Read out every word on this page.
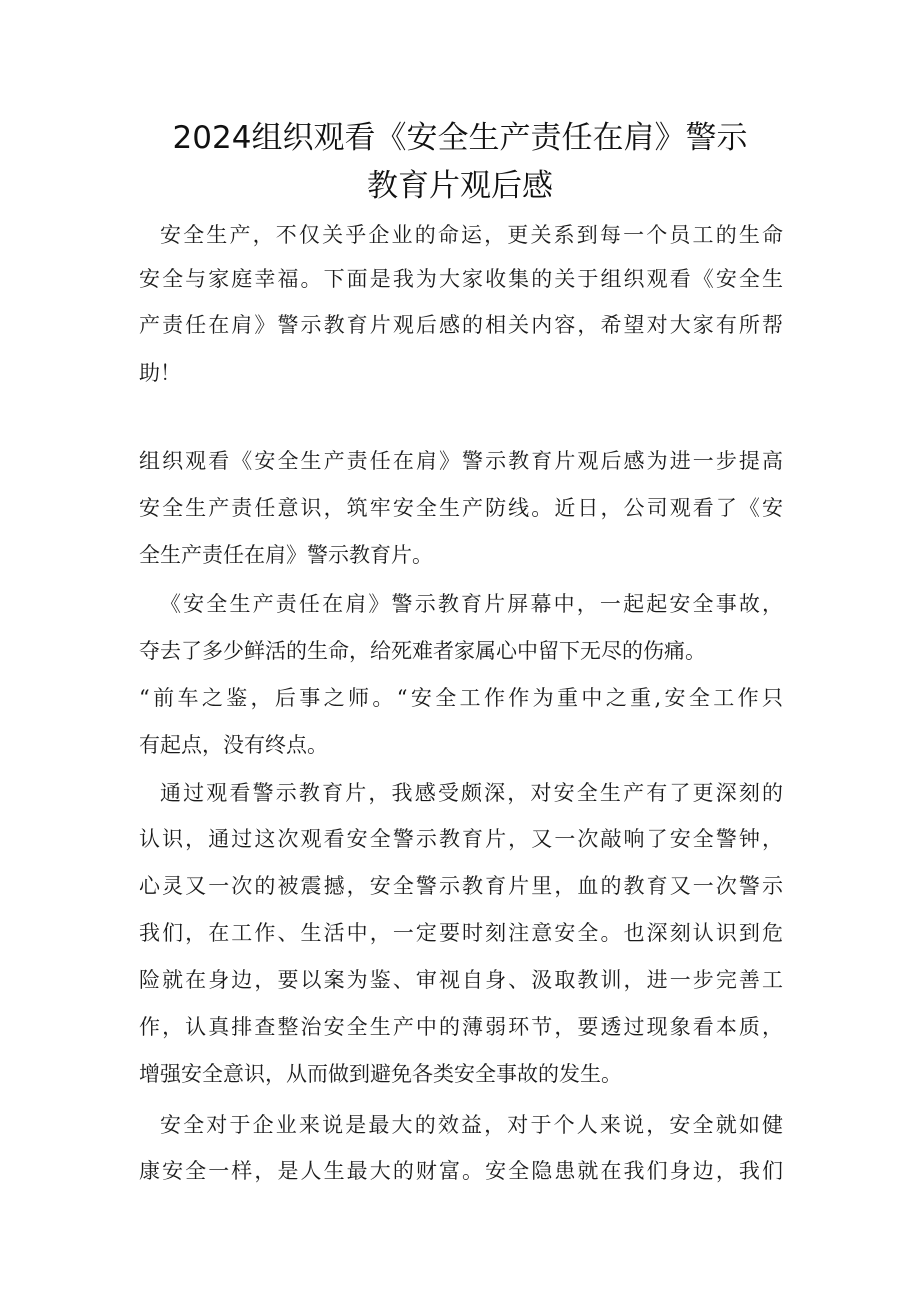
2024组织观看《安全生产责任在肩》警示
教育片观后感

安全生产，不仅关乎企业的命运，更关系到每一个员工的生命

安全与家庭幸福。下面是我为大家收集的关于组织观看《安全生

产责任在肩》警示教育片观后感的相关内容，希望对大家有所帮

助！

组织观看《安全生产责任在肩》警示教育片观后感为进一步提高

安全生产责任意识，筑牢安全生产防线。近日，公司观看了《安

全生产责任在肩》警示教育片。

《安全生产责任在肩》警示教育片屏幕中，一起起安全事故，

夺去了多少鲜活的生命，给死难者家属心中留下无尽的伤痛。

“前车之鉴，后事之师。“安全工作作为重中之重,安全工作只

有起点，没有终点。

通过观看警示教育片，我感受颇深，对安全生产有了更深刻的

认识，通过这次观看安全警示教育片，又一次敲响了安全警钟，

心灵又一次的被震撼，安全警示教育片里，血的教育又一次警示

我们，在工作、生活中，一定要时刻注意安全。也深刻认识到危

险就在身边，要以案为鉴、审视自身、汲取教训，进一步完善工

作，认真排查整治安全生产中的薄弱环节，要透过现象看本质，

增强安全意识，从而做到避免各类安全事故的发生。

安全对于企业来说是最大的效益，对于个人来说，安全就如健

康安全一样，是人生最大的财富。安全隐患就在我们身边，我们
